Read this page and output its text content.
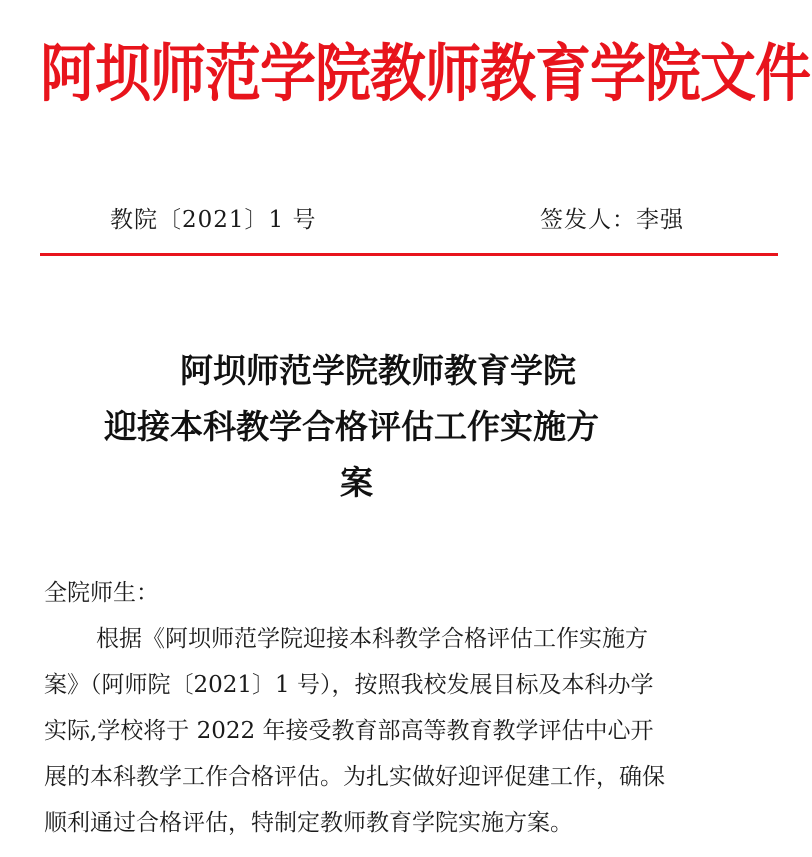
阿坝师范学院教师教育学院文件
教院〔2021〕1 号	签发人：李强
阿坝师范学院教师教育学院
迎接本科教学合格评估工作实施方
案
全院师生：
根据《阿坝师范学院迎接本科教学合格评估工作实施方
案》（阿师院〔2021〕1 号），按照我校发展目标及本科办学
实际,学校将于 2022 年接受教育部高等教育教学评估中心开
展的本科教学工作合格评估。为扎实做好迎评促建工作，确保
顺利通过合格评估，特制定教师教育学院实施方案。
